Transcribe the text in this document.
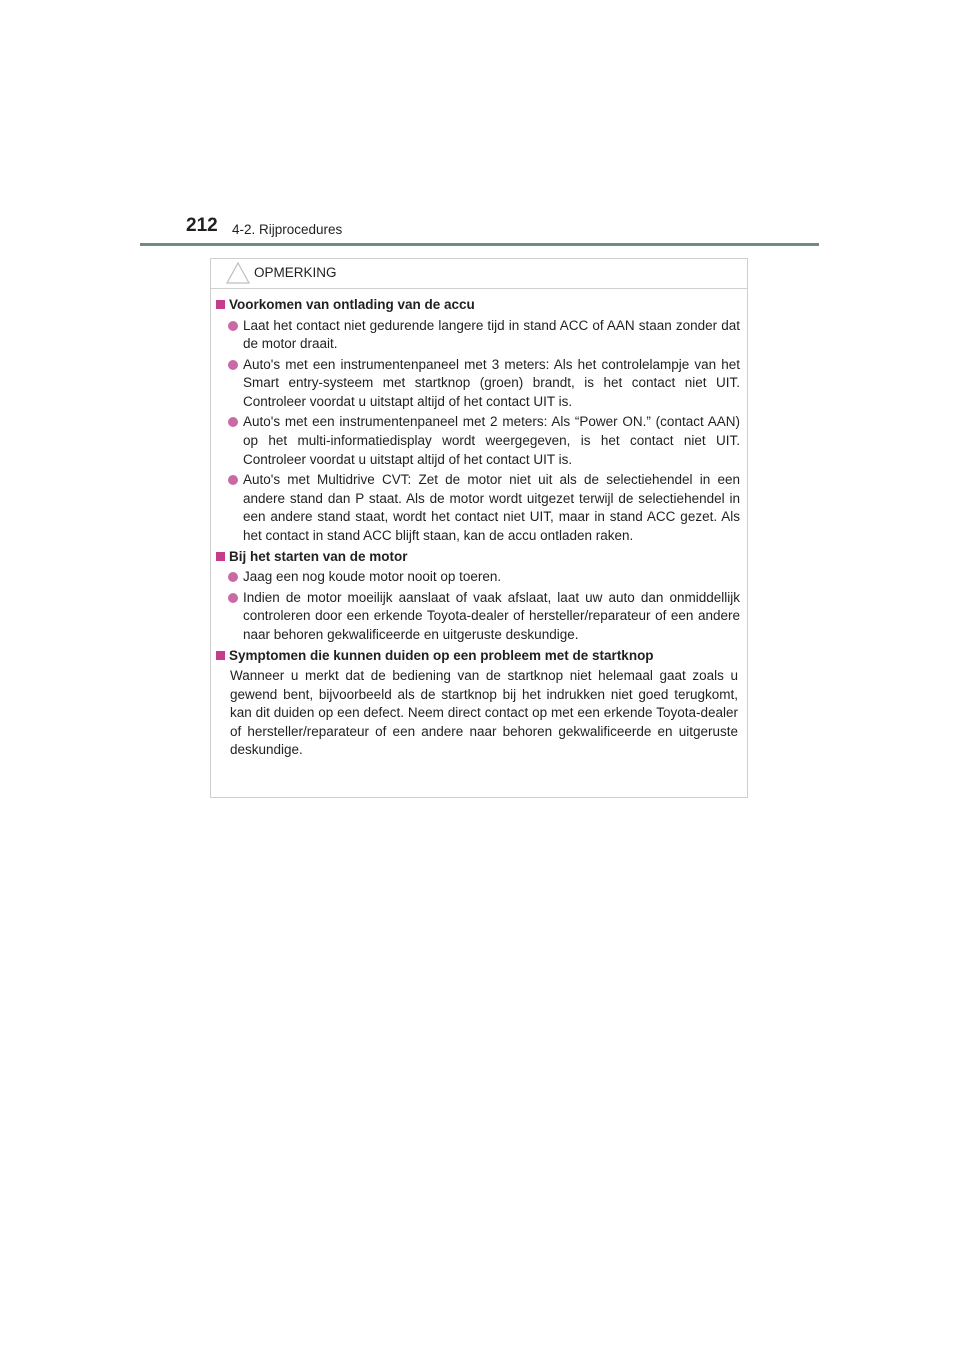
212 4-2. Rijprocedures
OPMERKING
Voorkomen van ontlading van de accu
Laat het contact niet gedurende langere tijd in stand ACC of AAN staan zonder dat de motor draait.
Auto's met een instrumentenpaneel met 3 meters: Als het controlelampje van het Smart entry-systeem met startknop (groen) brandt, is het contact niet UIT. Controleer voordat u uitstapt altijd of het contact UIT is.
Auto's met een instrumentenpaneel met 2 meters: Als “Power ON.” (contact AAN) op het multi-informatiedisplay wordt weergegeven, is het contact niet UIT. Controleer voordat u uitstapt altijd of het contact UIT is.
Auto's met Multidrive CVT: Zet de motor niet uit als de selectiehendel in een andere stand dan P staat. Als de motor wordt uitgezet terwijl de selectiehendel in een andere stand staat, wordt het contact niet UIT, maar in stand ACC gezet. Als het contact in stand ACC blijft staan, kan de accu ontladen raken.
Bij het starten van de motor
Jaag een nog koude motor nooit op toeren.
Indien de motor moeilijk aanslaat of vaak afslaat, laat uw auto dan onmiddellijk controleren door een erkende Toyota-dealer of hersteller/reparateur of een andere naar behoren gekwalificeerde en uitgeruste deskundige.
Symptomen die kunnen duiden op een probleem met de startknop
Wanneer u merkt dat de bediening van de startknop niet helemaal gaat zoals u gewend bent, bijvoorbeeld als de startknop bij het indrukken niet goed terugkomt, kan dit duiden op een defect. Neem direct contact op met een erkende Toyota-dealer of hersteller/reparateur of een andere naar behoren gekwalificeerde en uitgeruste deskundige.
